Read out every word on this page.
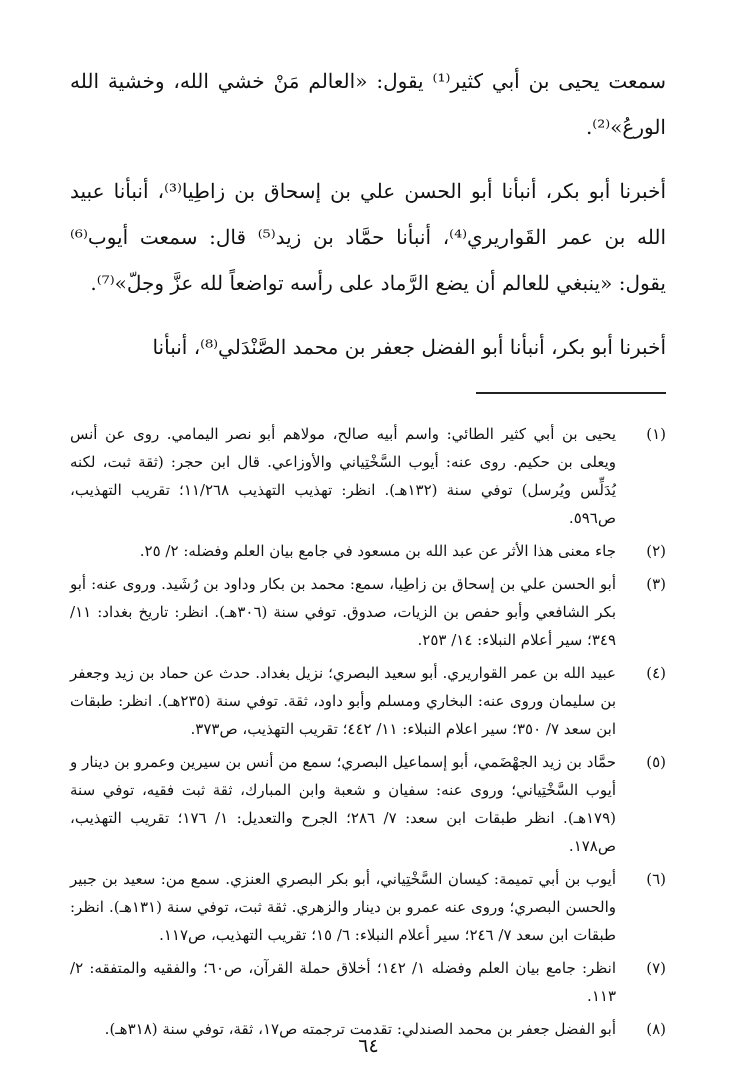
سمعت يحيى بن أبي كثير⁽¹⁾ يقول: «العالم مَنْ خشي الله، وخشية الله الورعُ»⁽²⁾.

أخبرنا أبو بكر، أنبأنا أبو الحسن علي بن إسحاق بن زاطِيا⁽³⁾، أنبأنا عبيد الله بن عمر القَواريري⁽⁴⁾، أنبأنا حمَّاد بن زيد⁽⁵⁾ قال: سمعت أيوب⁽⁶⁾ يقول: «ينبغي للعالم أن يضع الرَّماد على رأسه تواضعاً لله عزَّ وجلّ»⁽⁷⁾.

أخبرنا أبو بكر، أنبأنا أبو الفضل جعفر بن محمد الصَّنْدَلي⁽⁸⁾، أنبأنا

(١)
يحيى بن أبي كثير الطائي: واسم أبيه صالح، مولاهم أبو نصر اليمامي. روى عن أنس ويعلى بن حكيم. روى عنه: أيوب السَّخْتِياني والأوزاعي. قال ابن حجر: (ثقة ثبت، لكنه يُدَلِّس ويُرسل) توفي سنة (١٣٢هـ). انظر: تهذيب التهذيب ١١/٢٦٨؛ تقريب التهذيب، ص٥٩٦.
(٢)
جاء معنى هذا الأثر عن عبد الله بن مسعود في جامع بيان العلم وفضله: ٢/ ٢٥.
(٣)
أبو الحسن علي بن إسحاق بن زاطِيا، سمع: محمد بن بكار وداود بن رُشَيد. وروى عنه: أبو بكر الشافعي وأبو حفص بن الزيات، صدوق. توفي سنة (٣٠٦هـ). انظر: تاريخ بغداد: ١١/ ٣٤٩؛ سير أعلام النبلاء: ١٤/ ٢٥٣.
(٤)
عبيد الله بن عمر القواريري. أبو سعيد البصري؛ نزيل بغداد. حدث عن حماد بن زيد وجعفر بن سليمان وروى عنه: البخاري ومسلم وأبو داود، ثقة. توفي سنة (٢٣٥هـ). انظر: طبقات ابن سعد ٧/ ٣٥٠؛ سير اعلام النبلاء: ١١/ ٤٤٢؛ تقريب التهذيب، ص٣٧٣.
(٥)
حمَّاد بن زيد الجهْضَمي، أبو إسماعيل البصري؛ سمع من أنس بن سيرين وعمرو بن دينار و أيوب السَّخْتِياني؛ وروى عنه: سفيان و شعبة وابن المبارك، ثقة ثبت فقيه، توفي سنة (١٧٩هـ). انظر طبقات ابن سعد: ٧/ ٢٨٦؛ الجرح والتعديل: ١/ ١٧٦؛ تقريب التهذيب، ص١٧٨.
(٦)
أيوب بن أبي تميمة: كيسان السَّخْتِياني، أبو بكر البصري العنزي. سمع من: سعيد بن جبير والحسن البصري؛ وروى عنه عمرو بن دينار والزهري. ثقة ثبت، توفي سنة (١٣١هـ). انظر: طبقات ابن سعد ٧/ ٢٤٦؛ سير أعلام النبلاء: ٦/ ١٥؛ تقريب التهذيب، ص١١٧.
(٧)
انظر: جامع بيان العلم وفضله ١/ ١٤٢؛ أخلاق حملة القرآن، ص٦٠؛ والفقيه والمتفقه: ٢/ ١١٣.
(٨)
أبو الفضل جعفر بن محمد الصندلي: تقدمت ترجمته ص١٧، ثقة، توفي سنة (٣١٨هـ).
٦٤
